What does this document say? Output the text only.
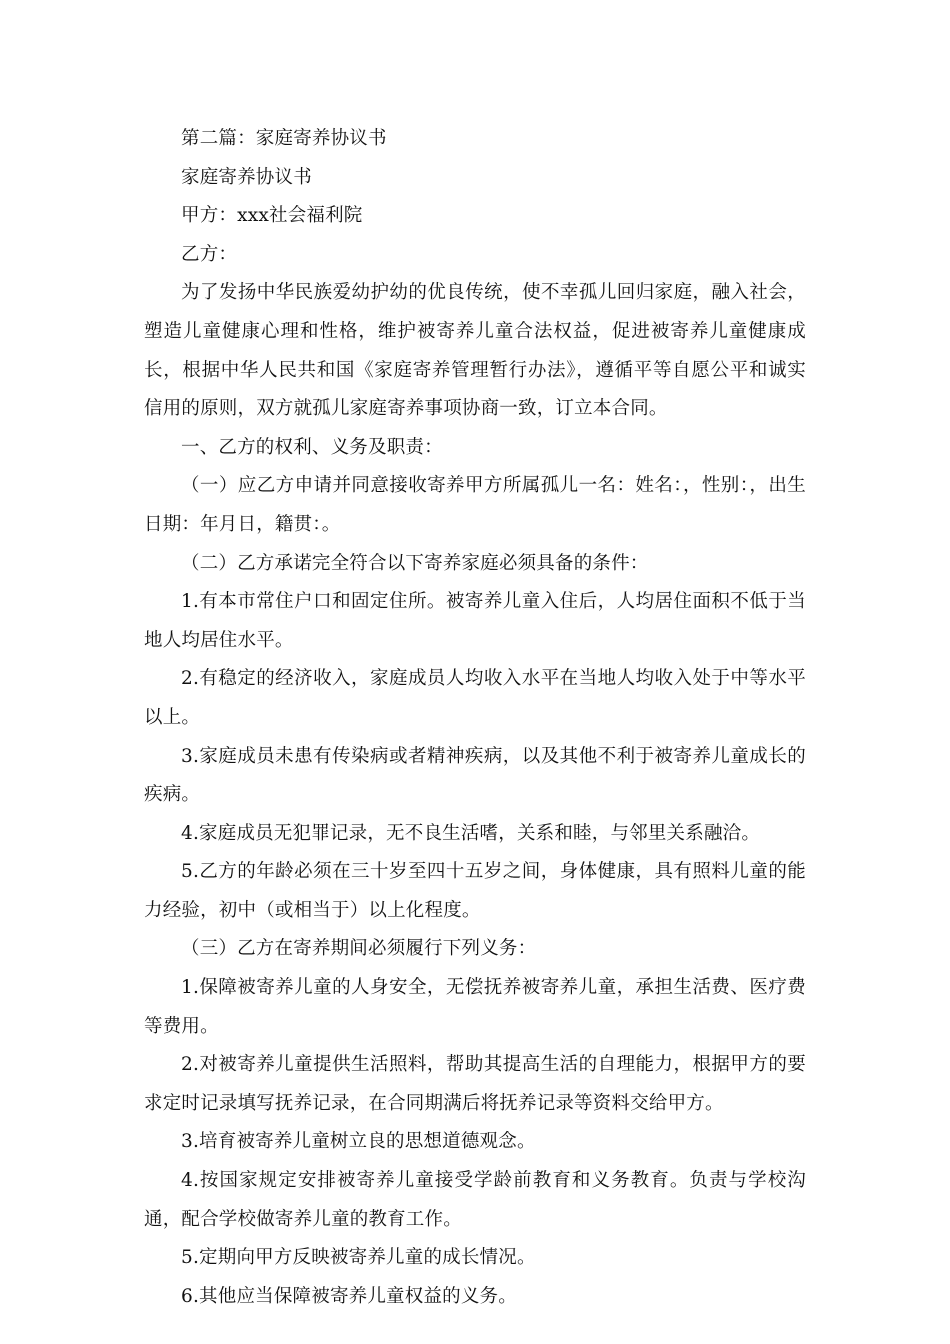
第二篇：家庭寄养协议书

家庭寄养协议书

甲方：xxx社会福利院

乙方：

为了发扬中华民族爱幼护幼的优良传统，使不幸孤儿回归家庭，融入社会，塑造儿童健康心理和性格，维护被寄养儿童合法权益，促进被寄养儿童健康成长，根据中华人民共和国《家庭寄养管理暂行办法》，遵循平等自愿公平和诚实信用的原则，双方就孤儿家庭寄养事项协商一致，订立本合同。

一、乙方的权利、义务及职责：

（一）应乙方申请并同意接收寄养甲方所属孤儿一名：姓名：，性别：，出生日期：年月日，籍贯：。

（二）乙方承诺完全符合以下寄养家庭必须具备的条件：

1.有本市常住户口和固定住所。被寄养儿童入住后，人均居住面积不低于当地人均居住水平。

2.有稳定的经济收入，家庭成员人均收入水平在当地人均收入处于中等水平以上。

3.家庭成员未患有传染病或者精神疾病，以及其他不利于被寄养儿童成长的疾病。

4.家庭成员无犯罪记录，无不良生活嗜，关系和睦，与邻里关系融洽。

5.乙方的年龄必须在三十岁至四十五岁之间，身体健康，具有照料儿童的能力经验，初中（或相当于）以上化程度。

（三）乙方在寄养期间必须履行下列义务：

1.保障被寄养儿童的人身安全，无偿抚养被寄养儿童，承担生活费、医疗费等费用。

2.对被寄养儿童提供生活照料，帮助其提高生活的自理能力，根据甲方的要求定时记录填写抚养记录，在合同期满后将抚养记录等资料交给甲方。

3.培育被寄养儿童树立良的思想道德观念。

4.按国家规定安排被寄养儿童接受学龄前教育和义务教育。负责与学校沟通，配合学校做寄养儿童的教育工作。

5.定期向甲方反映被寄养儿童的成长情况。

6.其他应当保障被寄养儿童权益的义务。
